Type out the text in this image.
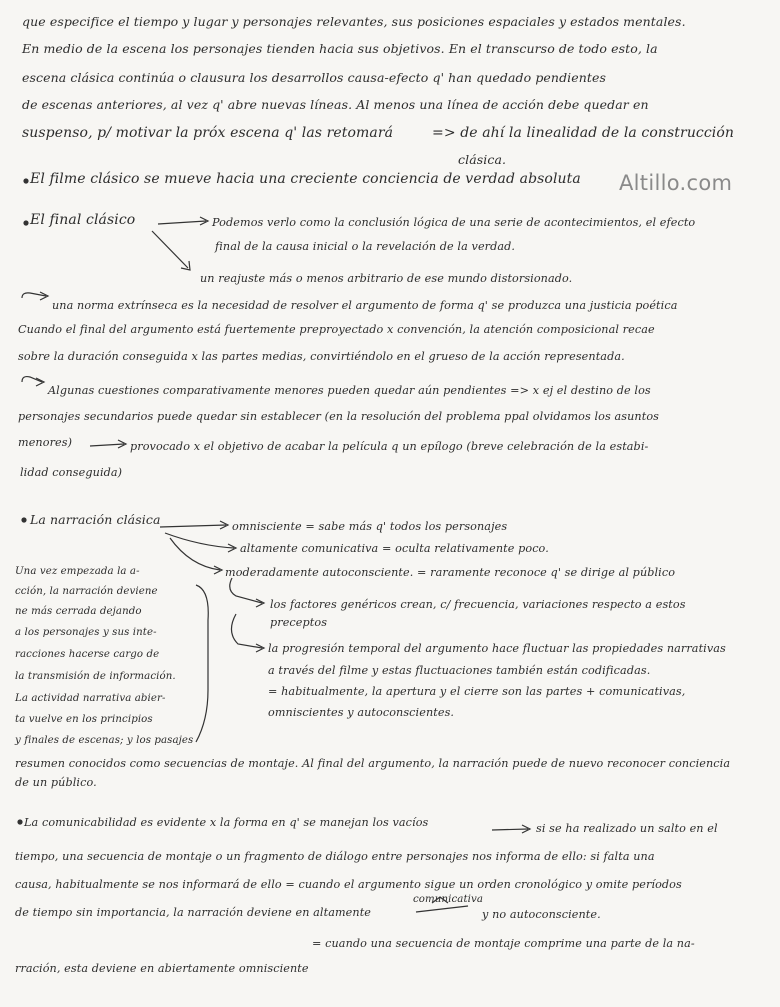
Altillo.com
que especifice el tiempo y lugar y personajes relevantes, sus posiciones espaciales y estados mentales.
En medio de la escena los personajes tienden hacia sus objetivos. En el transcurso de todo esto, la
escena clásica continúa o clausura los desarrollos causa-efecto q' han quedado pendientes
de escenas anteriores, al vez q' abre nuevas líneas. Al menos una línea de acción debe quedar en
suspenso, p/ motivar la próx escena q' las retomará	=> de ahí la linealidad de la construcción
clásica.
El filme clásico se mueve hacia una creciente conciencia de verdad absoluta
El final clásico	Podemos verlo como la conclusión lógica de una serie de acontecimientos, el efecto
final de la causa inicial o la revelación de la verdad.
un reajuste más o menos arbitrario de ese mundo distorsionado.
una norma extrínseca es la necesidad de resolver el argumento de forma q' se produzca una justicia poética
Cuando el final del argumento está fuertemente preproyectado x convención, la atención composicional recae
sobre la duración conseguida x las partes medias, convirtiéndolo en el grueso de la acción representada.
Algunas cuestiones comparativamente menores pueden quedar aún pendientes => x ej el destino de los
personajes secundarios puede quedar sin establecer (en la resolución del problema ppal olvidamos los asuntos
menores)	provocado x el objetivo de acabar la película q un epílogo (breve celebración de la estabi-
lidad conseguida)
La narración clásica	omnisciente = sabe más q' todos los personajes
altamente comunicativa = oculta relativamente poco.
moderadamente autoconsciente. = raramente reconoce q' se dirige al público
los factores genéricos crean, c/ frecuencia, variaciones respecto a estos
preceptos
la progresión temporal del argumento hace fluctuar las propiedades narrativas
a través del filme y estas fluctuaciones también están codificadas.
= habitualmente, la apertura y el cierre son las partes + comunicativas,
omniscientes y autoconscientes.
Una vez empezada la a-
cción, la narración deviene
ne más cerrada dejando
a los personajes y sus inte-
racciones hacerse cargo de
la transmisión de información.
La actividad narrativa abier-
ta vuelve en los principios
y finales de escenas; y los pasajes
resumen conocidos como secuencias de montaje. Al final del argumento, la narración puede de nuevo reconocer conciencia
de un público.
La comunicabilidad es evidente x la forma en q' se manejan los vacíos	si se ha realizado un salto en el
tiempo, una secuencia de montaje o un fragmento de diálogo entre personajes nos informa de ello: si falta una
causa, habitualmente se nos informará de ello = cuando el argumento sigue un orden cronológico y omite períodos
de tiempo sin importancia, la narración deviene en altamente
comunicativa
y no autoconsciente.
= cuando una secuencia de montaje comprime una parte de la na-
rración, esta deviene en abiertamente omnisciente
